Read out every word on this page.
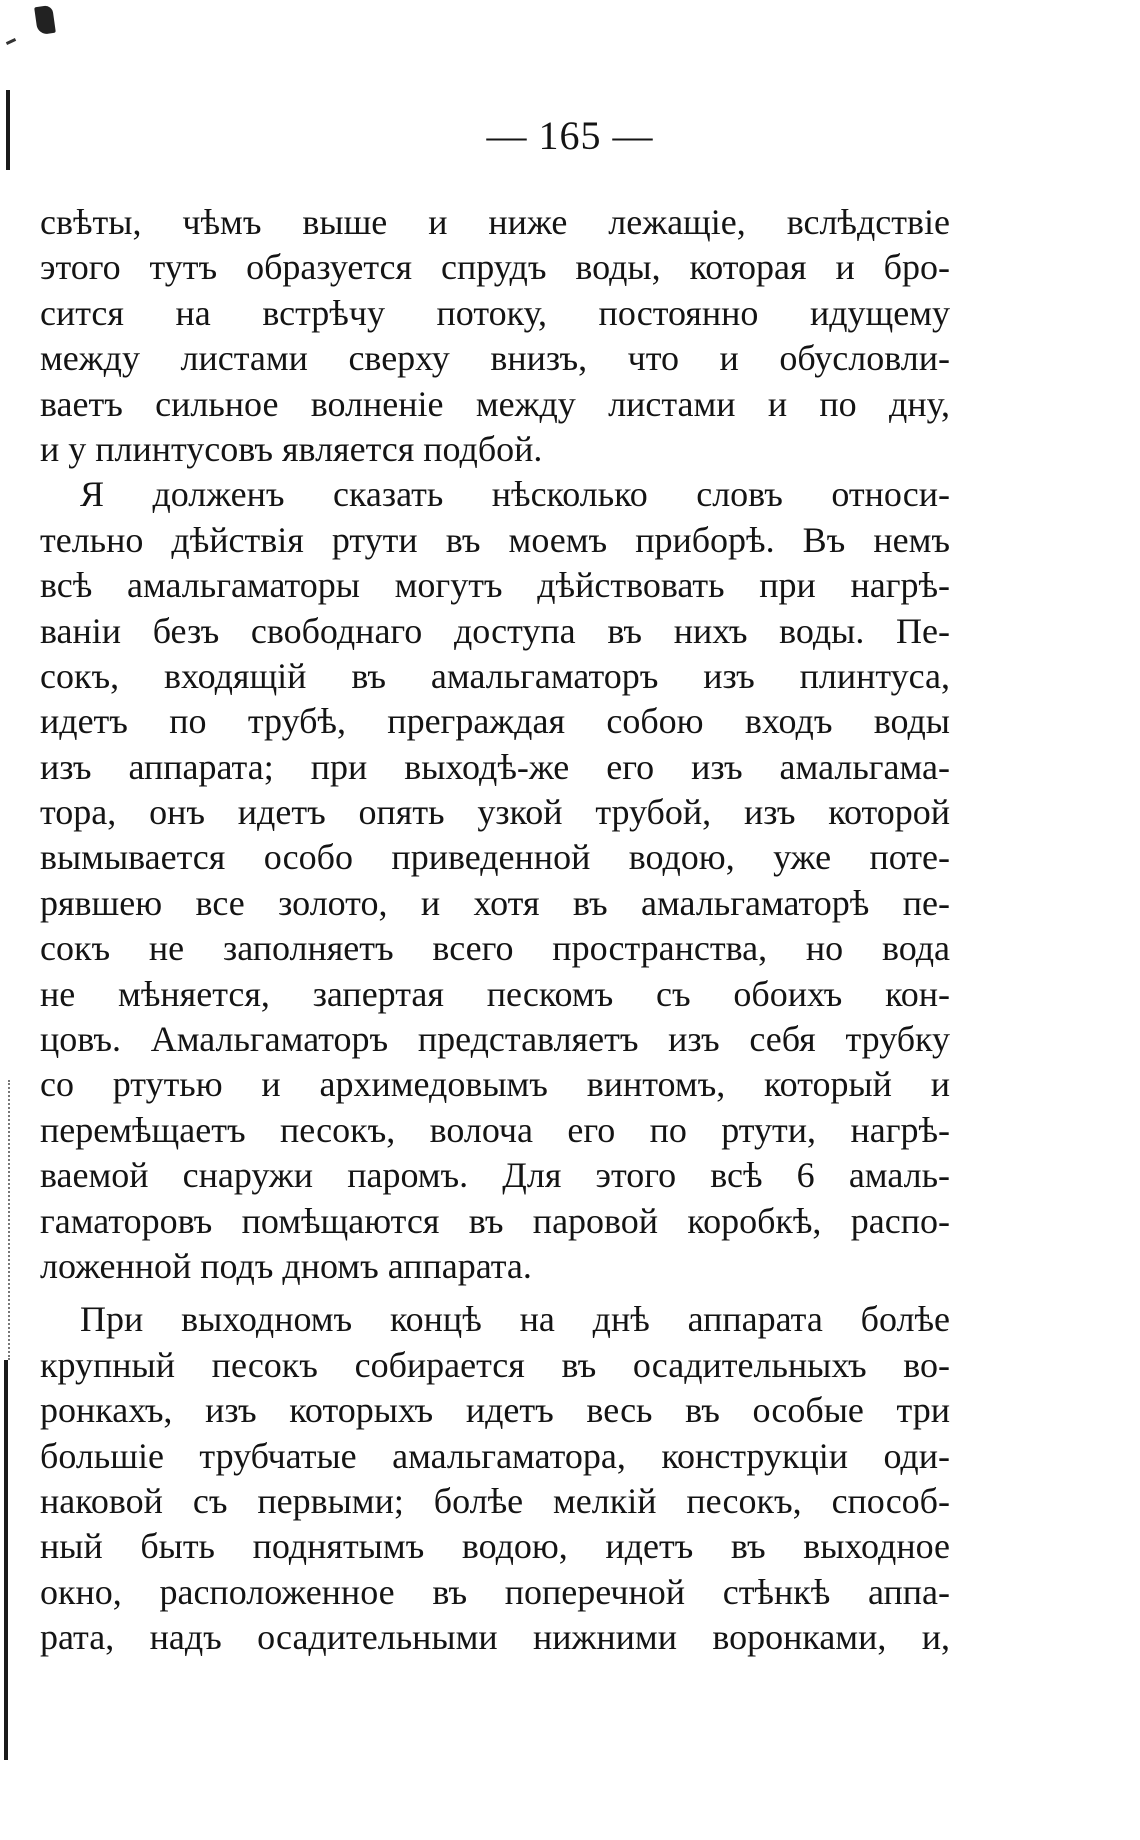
— 165 —
свѣты, чѣмъ выше и ниже лежащіе, вслѣдствіе
этого тутъ образуется спрудъ воды, которая и бро-
сится на встрѣчу потоку, постоянно идущему
между листами сверху внизъ, что и обусловли-
ваетъ сильное волненіе между листами и по дну,
и у плинтусовъ является подбой.
Я долженъ сказать нѣсколько словъ относи-
тельно дѣйствія ртути въ моемъ приборѣ. Въ немъ
всѣ амальгаматоры могутъ дѣйствовать при нагрѣ-
ваніи безъ свободнаго доступа въ нихъ воды. Пе-
сокъ, входящій въ амальгаматоръ изъ плинтуса,
идетъ по трубѣ, преграждая собою входъ воды
изъ аппарата; при выходѣ-же его изъ амальгама-
тора, онъ идетъ опять узкой трубой, изъ которой
вымывается особо приведенной водою, уже поте-
рявшею все золото, и хотя въ амальгаматорѣ пе-
сокъ не заполняетъ всего пространства, но вода
не мѣняется, запертая пескомъ съ обоихъ кон-
цовъ. Амальгаматоръ представляетъ изъ себя трубку
со ртутью и архимедовымъ винтомъ, который и
перемѣщаетъ песокъ, волоча его по ртути, нагрѣ-
ваемой снаружи паромъ. Для этого всѣ 6 амаль-
гаматоровъ помѣщаются въ паровой коробкѣ, распо-
ложенной подъ дномъ аппарата.
При выходномъ концѣ на днѣ аппарата болѣе
крупный песокъ собирается въ осадительныхъ во-
ронкахъ, изъ которыхъ идетъ весь въ особые три
большіе трубчатые амальгаматора, конструкціи оди-
наковой съ первыми; болѣе мелкій песокъ, способ-
ный быть поднятымъ водою, идетъ въ выходное
окно, расположенное въ поперечной стѣнкѣ аппа-
рата, надъ осадительными нижними воронками, и,
